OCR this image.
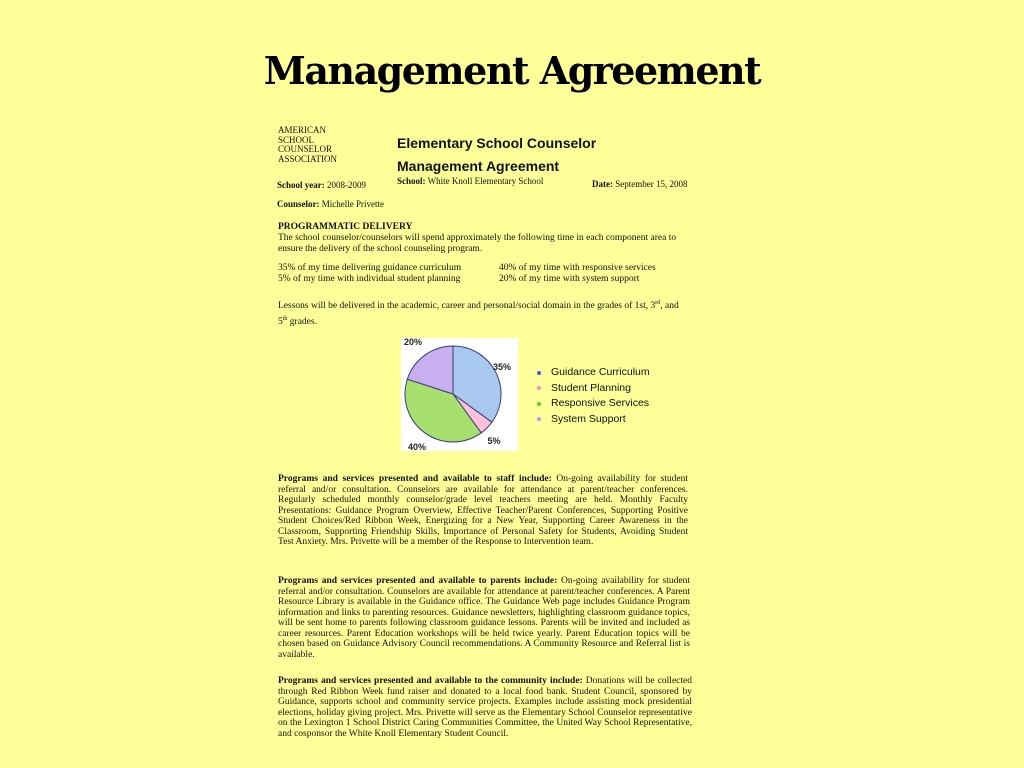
Management Agreement
AMERICAN
SCHOOL
COUNSELOR
ASSOCIATION
Elementary School Counselor
Management Agreement
School year: 2008-2009	School: White Knoll Elementary School	Date: September 15, 2008
Counselor: Michelle Privette
PROGRAMMATIC DELIVERY
The school counselor/counselors will spend approximately the following time in each component area to ensure the delivery of the school counseling program.
35% of my time delivering guidance curriculum	40% of my time with responsive services
5% of my time with individual student planning	20% of my time with system support
Lessons will be delivered in the academic, career and personal/social domain in the grades of 1st, 3rd, and 5th grades.
35%
5%
40%
20%
Guidance Curriculum
Student Planning
Responsive Services
System Support
Programs and services presented and available to staff include: On-going availability for student referral and/or consultation. Counselors are available for attendance at parent/teacher conferences. Regularly scheduled monthly counselor/grade level teachers meeting are held. Monthly Faculty Presentations: Guidance Program Overview, Effective Teacher/Parent Conferences, Supporting Positive Student Choices/Red Ribbon Week, Energizing for a New Year, Supporting Career Awareness in the Classroom, Supporting Friendship Skills, Importance of Personal Safety for Students, Avoiding Student Test Anxiety. Mrs. Privette will be a member of the Response to Intervention team.
Programs and services presented and available to parents include: On-going availability for student referral and/or consultation. Counselors are available for attendance at parent/teacher conferences. A Parent Resource Library is available in the Guidance office. The Guidance Web page includes Guidance Program information and links to parenting resources. Guidance newsletters, highlighting classroom guidance topics, will be sent home to parents following classroom guidance lessons. Parents will be invited and included as career resources. Parent Education workshops will be held twice yearly. Parent Education topics will be chosen based on Guidance Advisory Council recommendations. A Community Resource and Referral list is available.
Programs and services presented and available to the community include: Donations will be collected through Red Ribbon Week fund raiser and donated to a local food bank. Student Council, sponsored by Guidance, supports school and community service projects. Examples include assisting mock presidential elections, holiday giving project. Mrs. Privette will serve as the Elementary School Counselor representative on the Lexington 1 School District Caring Communities Committee, the United Way School Representative, and cosponsor the White Knoll Elementary Student Council.
